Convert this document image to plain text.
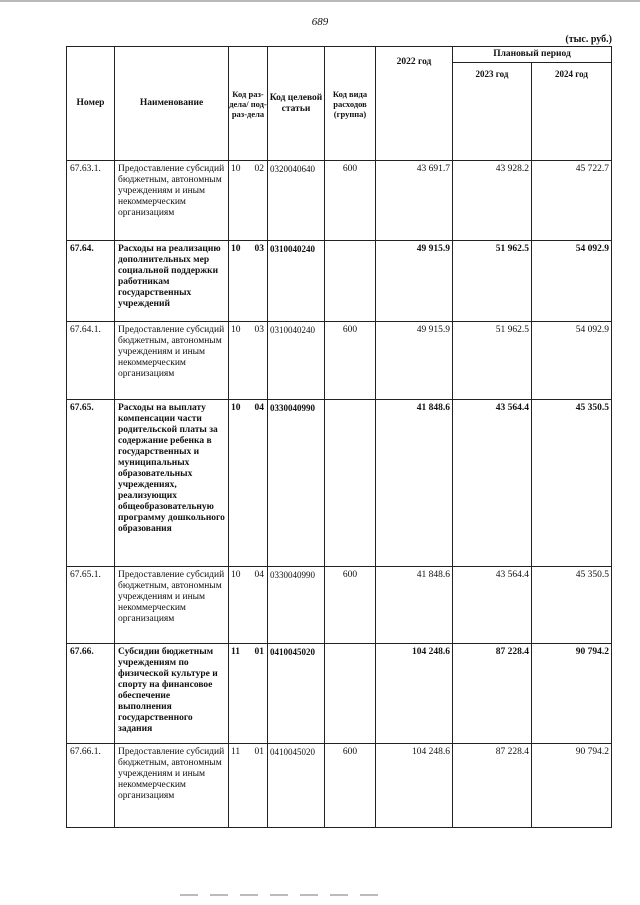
689
(тыс. руб.)
Номер	Наименование	Код раз-дела/ под-раз-дела	Код целевой статьи	Код вида расходов (группа)	2022 год	Плановый период	
						2023 год	2024 год
67.63.1.	Предоставление субсидий бюджетным, автономным учреждениям и иным некоммерческим организациям	10 02	0320040640	600	43 691.7	43 928.2	45 722.7
67.64.	Расходы на реализацию дополнительных мер социальной поддержки работникам государственных учреждений	10 03	0310040240		49 915.9	51 962.5	54 092.9
67.64.1.	Предоставление субсидий бюджетным, автономным учреждениям и иным некоммерческим организациям	10 03	0310040240	600	49 915.9	51 962.5	54 092.9
67.65.	Расходы на выплату компенсации части родительской платы за содержание ребенка в государственных и муниципальных образовательных учреждениях, реализующих общеобразовательную программу дошкольного образования	10 04	0330040990		41 848.6	43 564.4	45 350.5
67.65.1.	Предоставление субсидий бюджетным, автономным учреждениям и иным некоммерческим организациям	10 04	0330040990	600	41 848.6	43 564.4	45 350.5
67.66.	Субсидии бюджетным учреждениям по физической культуре и спорту на финансовое обеспечение выполнения государственного задания	11 01	0410045020		104 248.6	87 228.4	90 794.2
67.66.1.	Предоставление субсидий бюджетным, автономным учреждениям и иным некоммерческим организациям	11 01	0410045020	600	104 248.6	87 228.4	90 794.2
